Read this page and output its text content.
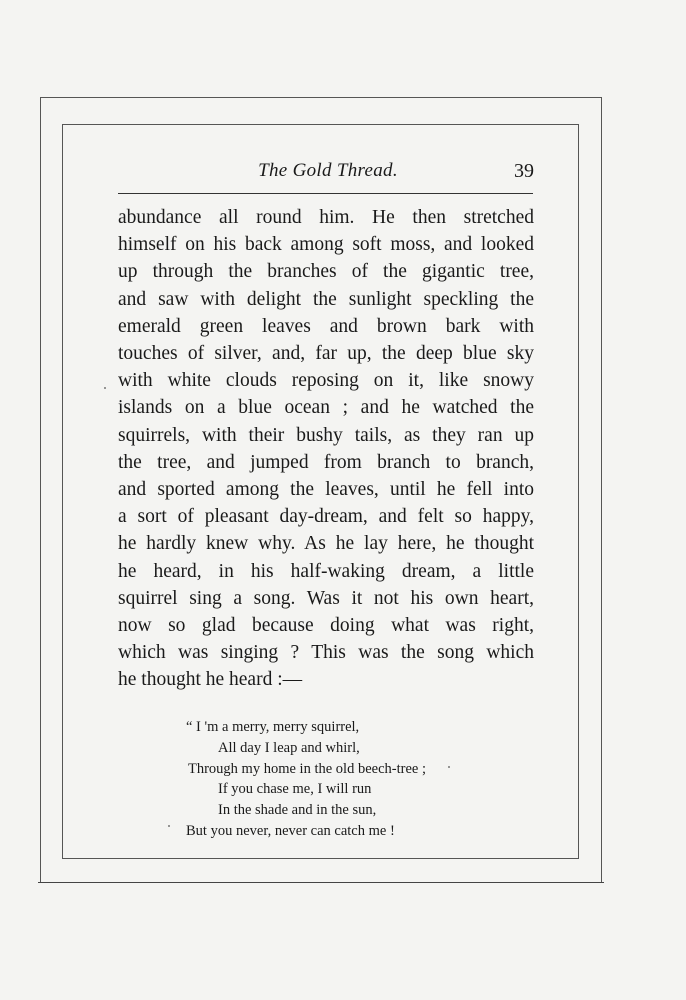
The Gold Thread.	39
abundance all round him. He then stretched
himself on his back among soft moss, and looked
up through the branches of the gigantic tree,
and saw with delight the sunlight speckling the
emerald green leaves and brown bark with
touches of silver, and, far up, the deep blue sky
with white clouds reposing on it, like snowy
islands on a blue ocean ; and he watched the
squirrels, with their bushy tails, as they ran up
the tree, and jumped from branch to branch,
and sported among the leaves, until he fell into
a sort of pleasant day-dream, and felt so happy,
he hardly knew why. As he lay here, he thought
he heard, in his half-waking dream, a little
squirrel sing a song. Was it not his own heart,
now so glad because doing what was right,
which was singing ? This was the song which
he thought he heard :—
“ I 'm a merry, merry squirrel,
All day I leap and whirl,
Through my home in the old beech-tree ;
If you chase me, I will run
In the shade and in the sun,
But you never, never can catch me !
